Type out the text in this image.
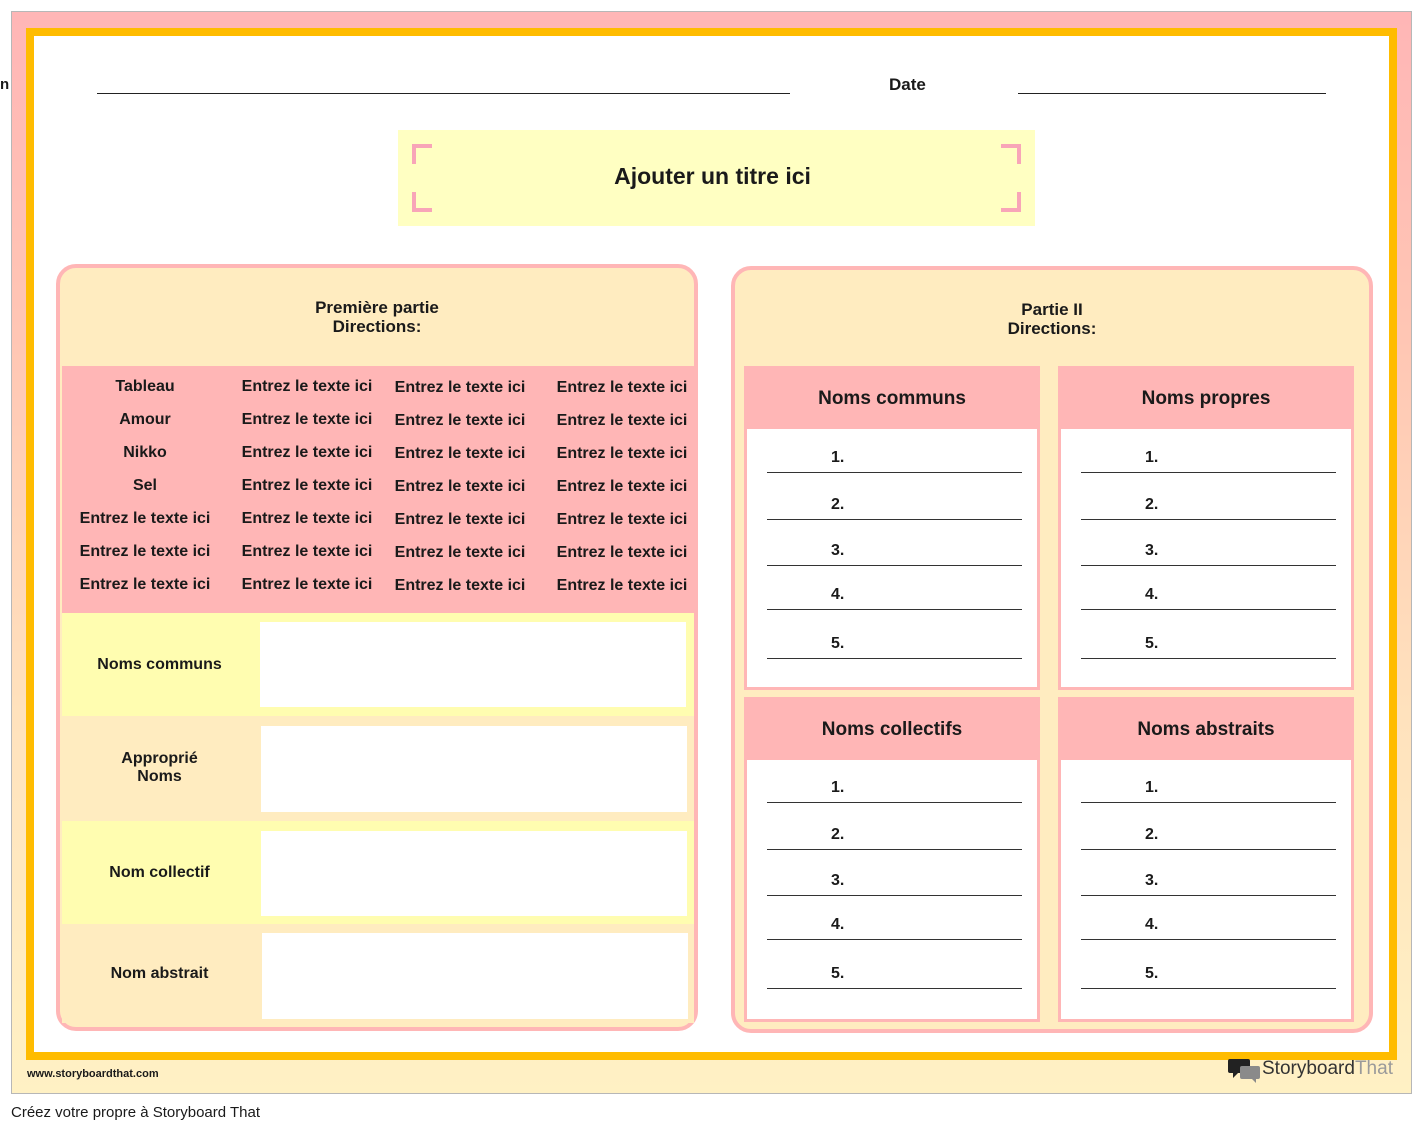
n	Date
Ajouter un titre ici
Première partie
Directions:
Tableau	Entrez le texte ici	Entrez le texte ici	Entrez le texte ici
Amour	Entrez le texte ici	Entrez le texte ici	Entrez le texte ici
Nikko	Entrez le texte ici	Entrez le texte ici	Entrez le texte ici
Sel	Entrez le texte ici	Entrez le texte ici	Entrez le texte ici
Entrez le texte ici	Entrez le texte ici	Entrez le texte ici	Entrez le texte ici
Entrez le texte ici	Entrez le texte ici	Entrez le texte ici	Entrez le texte ici
Entrez le texte ici	Entrez le texte ici	Entrez le texte ici	Entrez le texte ici
Noms communs
Approprié
Noms
Nom collectif
Nom abstrait
Partie II
Directions:
Noms communs
1.
2.
3.
4.
5.
Noms propres
1.
2.
3.
4.
5.
Noms collectifs
1.
2.
3.
4.
5.
Noms abstraits
1.
2.
3.
4.
5.
www.storyboardthat.com	StoryboardThat
Créez votre propre à Storyboard That
